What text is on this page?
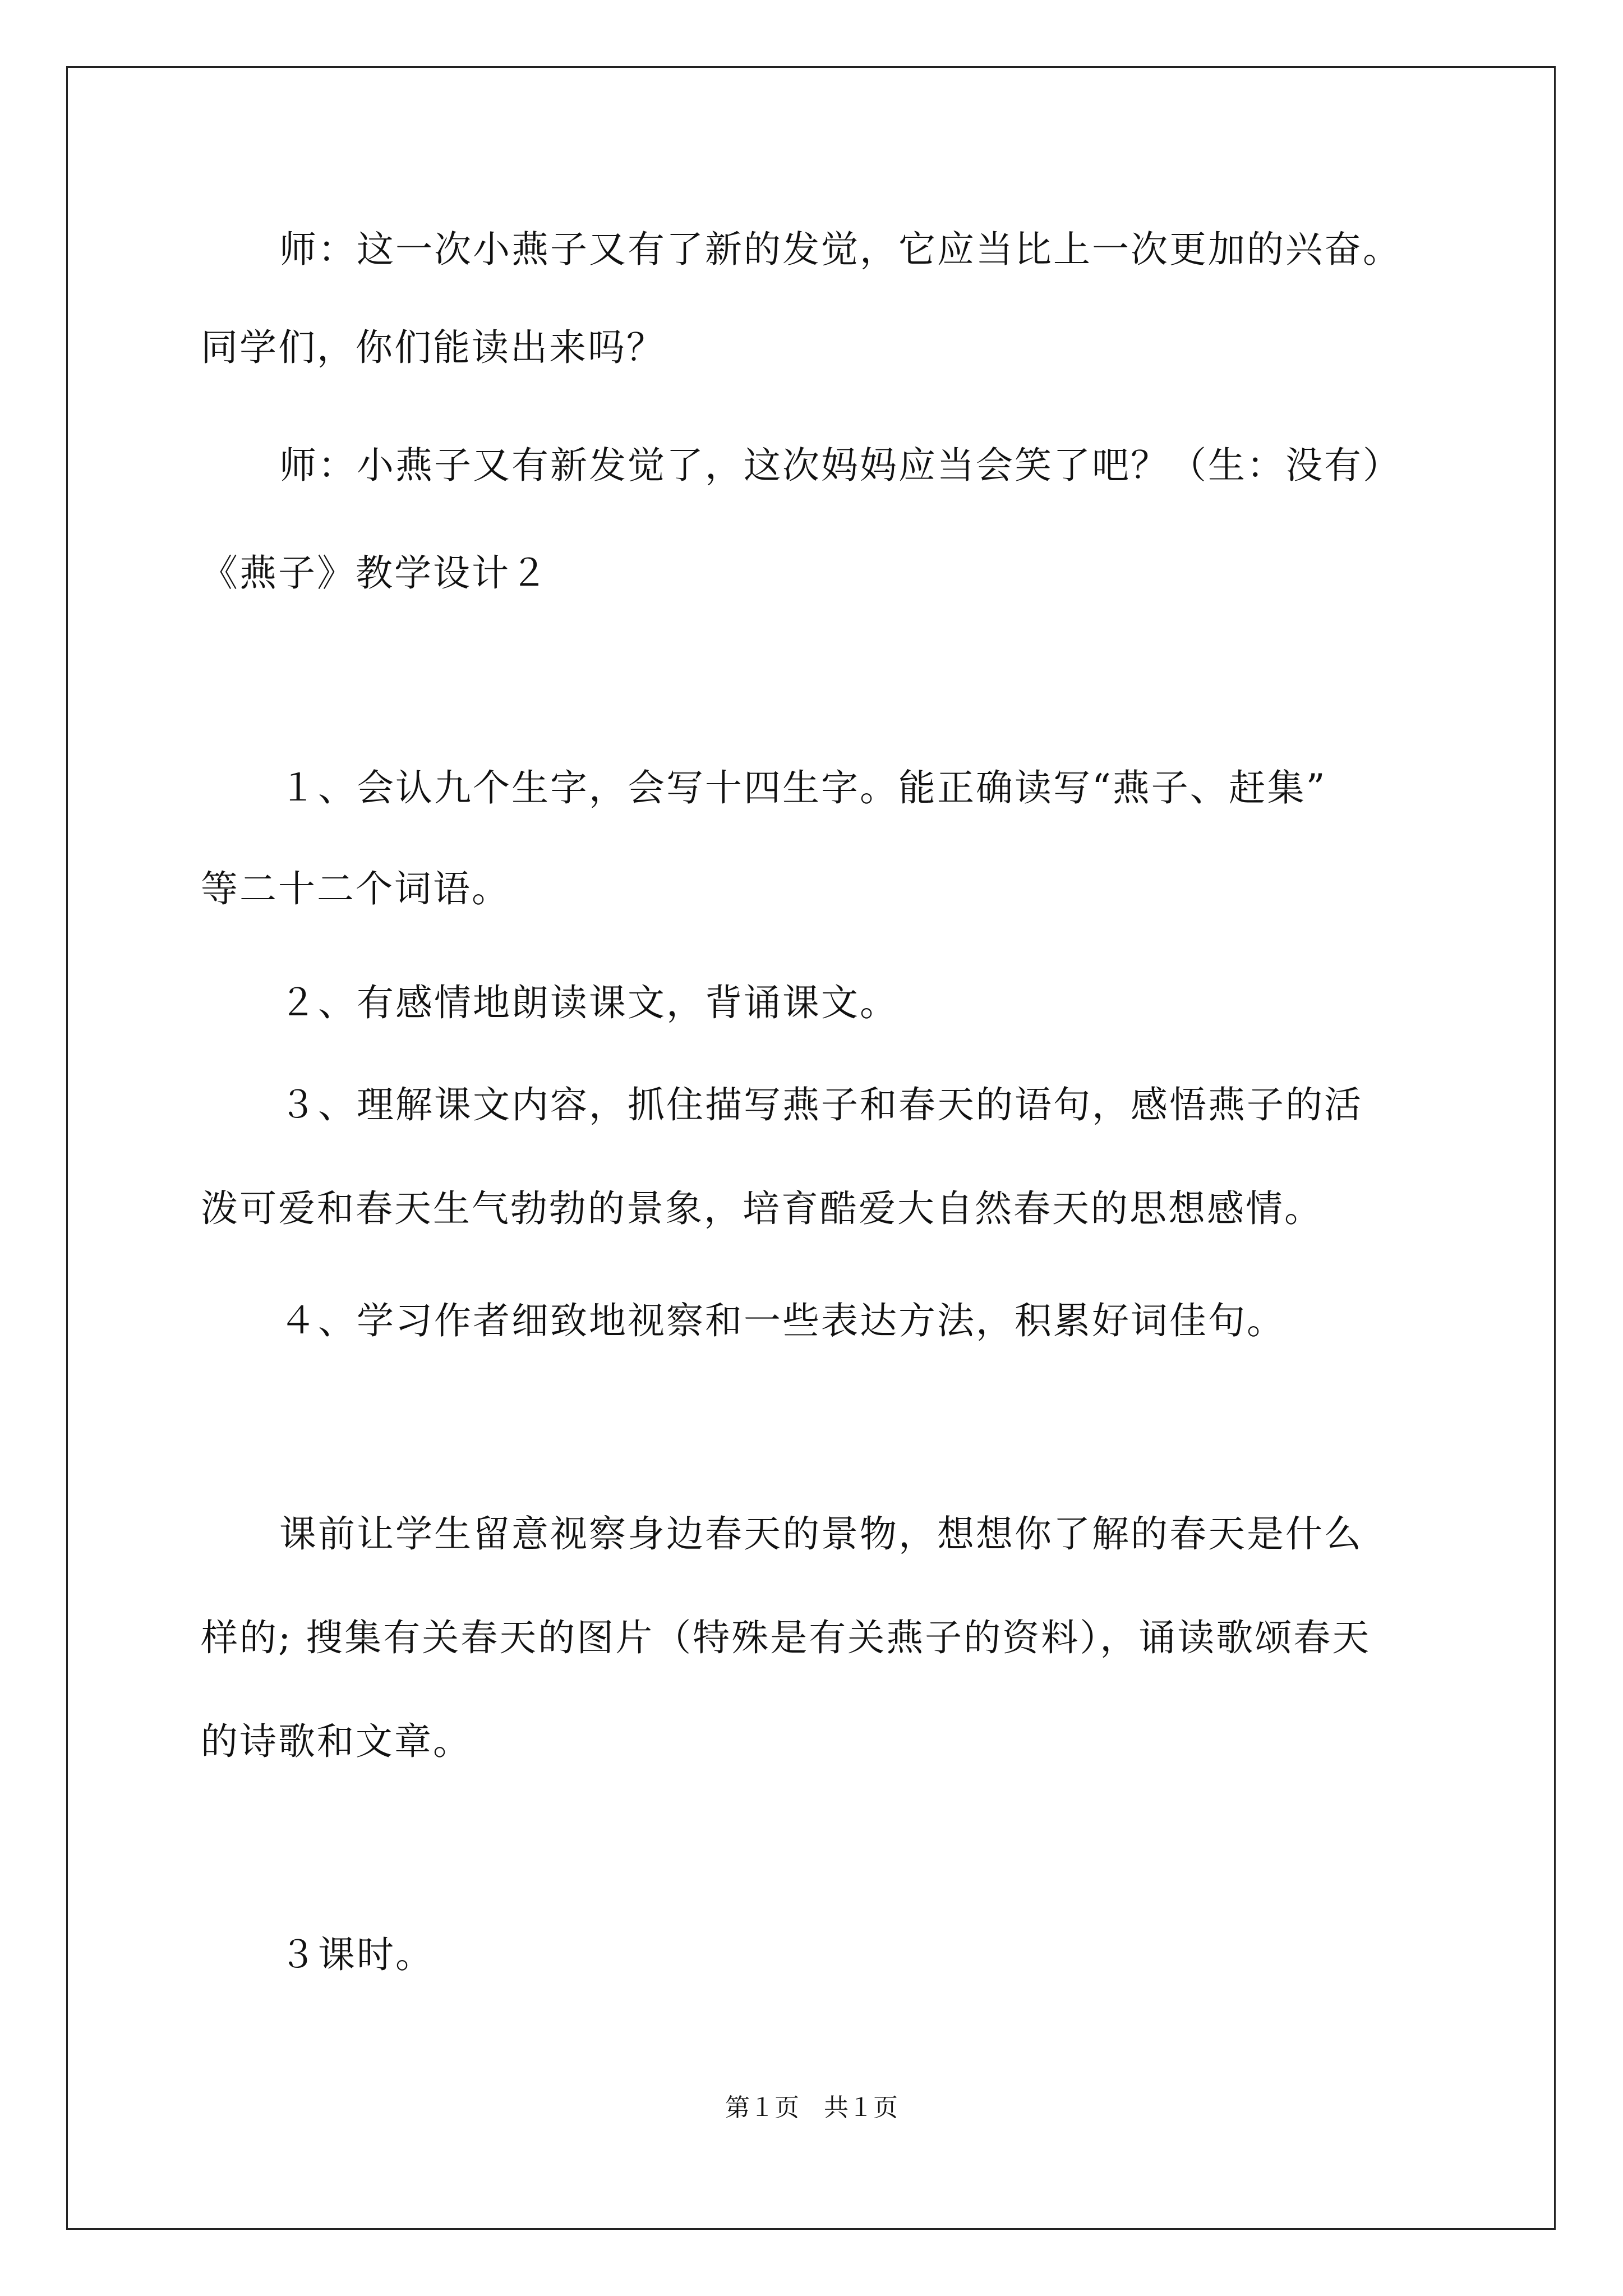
师：这一次小燕子又有了新的发觉，它应当比上一次更加的兴奋。
同学们，你们能读出来吗？
师：小燕子又有新发觉了，这次妈妈应当会笑了吧？（生：没有）
《燕子》教学设计２
１、会认九个生字，会写十四生字。能正确读写“燕子、赶集”
等二十二个词语。
２、有感情地朗读课文，背诵课文。
３、理解课文内容，抓住描写燕子和春天的语句，感悟燕子的活
泼可爱和春天生气勃勃的景象，培育酷爱大自然春天的思想感情。
４、学习作者细致地视察和一些表达方法，积累好词佳句。
课前让学生留意视察身边春天的景物，想想你了解的春天是什么
样的; 搜集有关春天的图片（特殊是有关燕子的资料），诵读歌颂春天
的诗歌和文章。
３课时。
第１页　共１页
